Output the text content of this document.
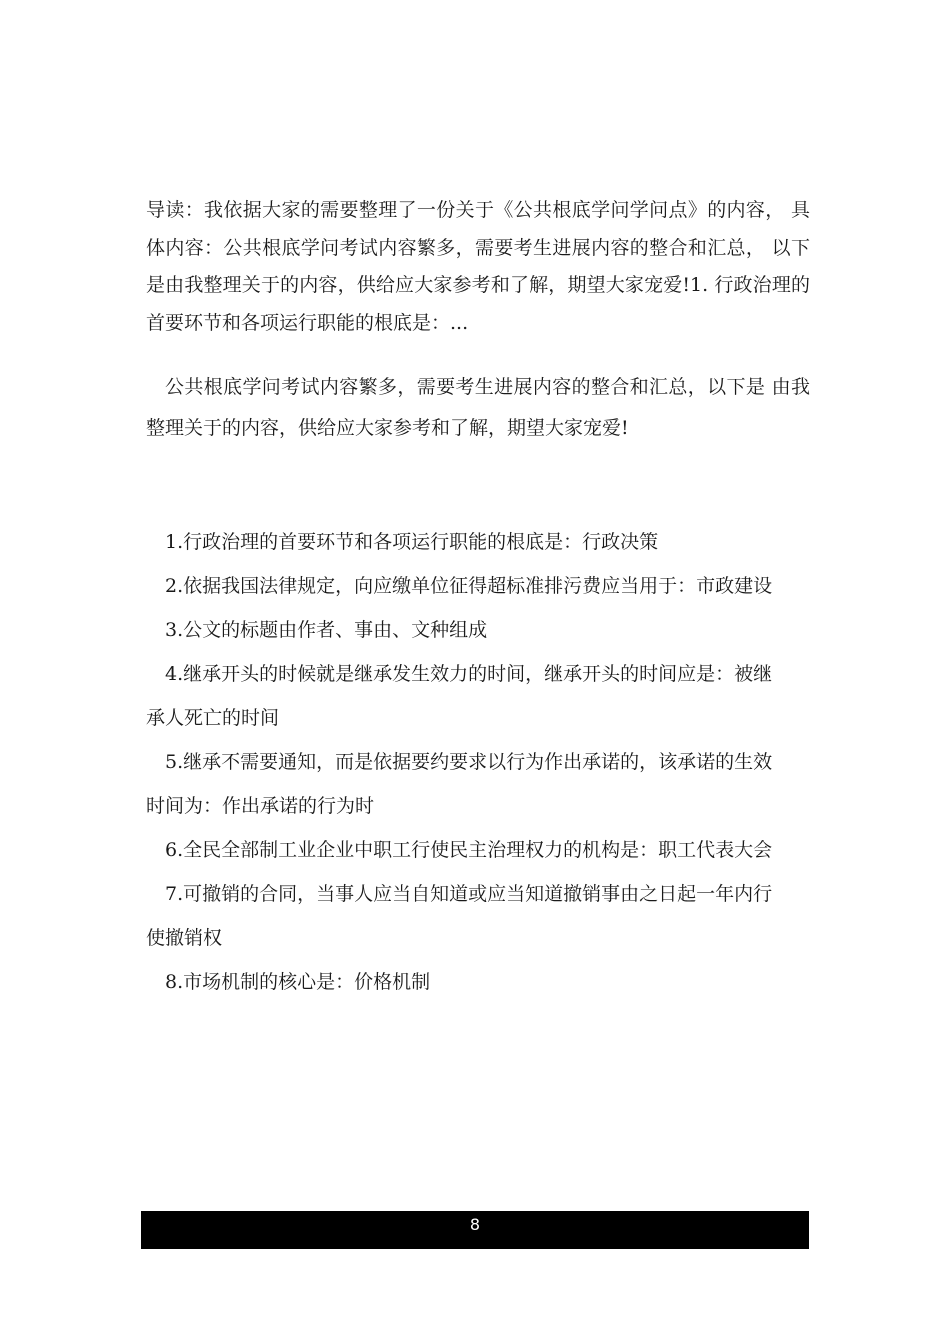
导读：我依据大家的需要整理了一份关于《公共根底学问学问点》的内容， 具体内容：公共根底学问考试内容繁多，需要考生进展内容的整合和汇总， 以下是由我整理关于的内容，供给应大家参考和了解，期望大家宠爱!1. 行政治理的首要环节和各项运行职能的根底是：...

公共根底学问考试内容繁多，需要考生进展内容的整合和汇总，以下是 由我整理关于的内容，供给应大家参考和了解，期望大家宠爱!

1.行政治理的首要环节和各项运行职能的根底是：行政决策
2.依据我国法律规定，向应缴单位征得超标准排污费应当用于：市政建设
3.公文的标题由作者、事由、文种组成
4.继承开头的时候就是继承发生效力的时间，继承开头的时间应是：被继承人死亡的时间
5.继承不需要通知，而是依据要约要求以行为作出承诺的，该承诺的生效时间为：作出承诺的行为时
6.全民全部制工业企业中职工行使民主治理权力的机构是：职工代表大会
7.可撤销的合同，当事人应当自知道或应当知道撤销事由之日起一年内行使撤销权
8.市场机制的核心是：价格机制
8
